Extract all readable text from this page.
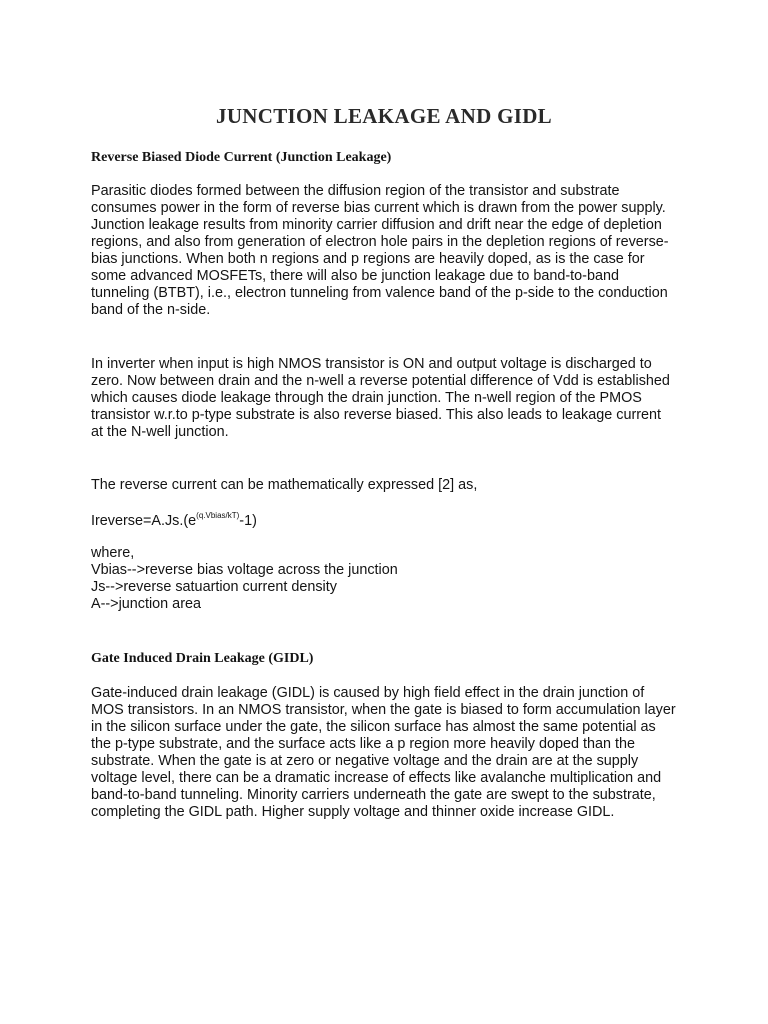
JUNCTION LEAKAGE AND GIDL
Reverse Biased Diode Current (Junction Leakage)
Parasitic diodes formed between the diffusion region of the transistor and substrate
consumes power in the form of reverse bias current which is drawn from the power supply.
Junction leakage results from minority carrier diffusion and drift near the edge of depletion
regions, and also from generation of electron hole pairs in the depletion regions of reverse-
bias junctions. When both n regions and p regions are heavily doped, as is the case for
some advanced MOSFETs, there will also be junction leakage due to band-to-band
tunneling (BTBT), i.e., electron tunneling from valence band of the p-side to the conduction
band of the n-side.
In inverter when input is high NMOS transistor is ON and output voltage is discharged to
zero. Now between drain and the n-well a reverse potential difference of Vdd is established
which causes diode leakage through the drain junction. The n-well region of the PMOS
transistor w.r.to p-type substrate is also reverse biased. This also leads to leakage current
at the N-well junction.
The reverse current can be mathematically expressed [2] as,
$Ireverse=A.Js.(e^{(q.Vbias/kT)}-1)$
where,
Vbias-->reverse bias voltage across the junction
Js-->reverse satuartion current density
A-->junction area
Gate Induced Drain Leakage (GIDL)
Gate-induced drain leakage (GIDL) is caused by high field effect in the drain junction of
MOS transistors. In an NMOS transistor, when the gate is biased to form accumulation layer
in the silicon surface under the gate, the silicon surface has almost the same potential as
the p-type substrate, and the surface acts like a p region more heavily doped than the
substrate. When the gate is at zero or negative voltage and the drain are at the supply
voltage level, there can be a dramatic increase of effects like avalanche multiplication and
band-to-band tunneling. Minority carriers underneath the gate are swept to the substrate,
completing the GIDL path. Higher supply voltage and thinner oxide increase GIDL.
